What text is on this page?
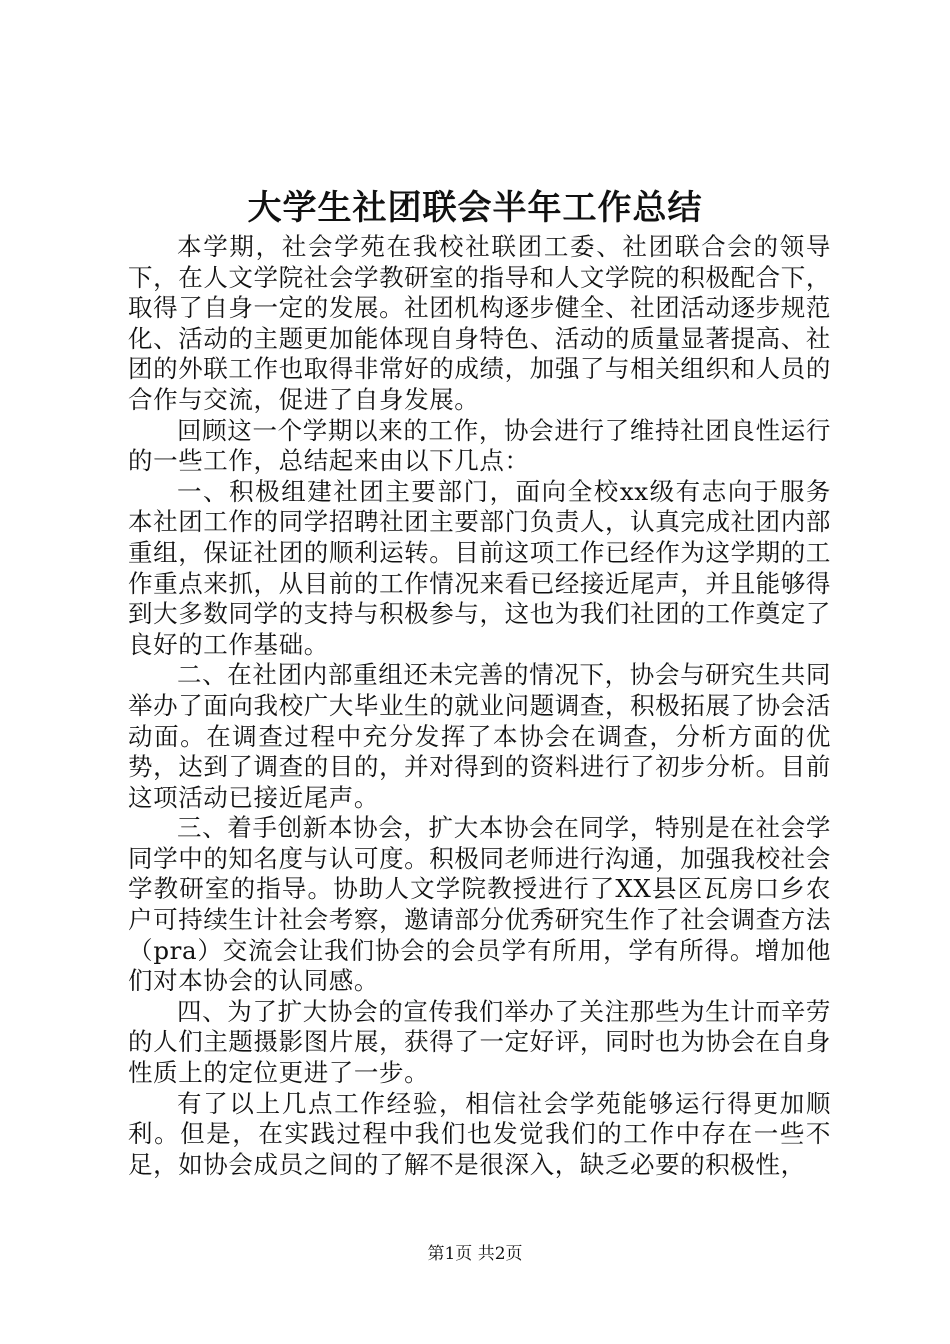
大学生社团联会半年工作总结

本学期，社会学苑在我校社联团工委、社团联合会的领导下，在人文学院社会学教研室的指导和人文学院的积极配合下，取得了自身一定的发展。社团机构逐步健全、社团活动逐步规范化、活动的主题更加能体现自身特色、活动的质量显著提高、社团的外联工作也取得非常好的成绩，加强了与相关组织和人员的合作与交流，促进了自身发展。

回顾这一个学期以来的工作，协会进行了维持社团良性运行的一些工作，总结起来由以下几点：

一、积极组建社团主要部门，面向全校xx级有志向于服务本社团工作的同学招聘社团主要部门负责人，认真完成社团内部重组，保证社团的顺利运转。目前这项工作已经作为这学期的工作重点来抓，从目前的工作情况来看已经接近尾声，并且能够得到大多数同学的支持与积极参与，这也为我们社团的工作奠定了良好的工作基础。

二、在社团内部重组还未完善的情况下，协会与研究生共同举办了面向我校广大毕业生的就业问题调查，积极拓展了协会活动面。在调查过程中充分发挥了本协会在调查，分析方面的优势，达到了调查的目的，并对得到的资料进行了初步分析。目前这项活动已接近尾声。

三、着手创新本协会，扩大本协会在同学，特别是在社会学同学中的知名度与认可度。积极同老师进行沟通，加强我校社会学教研室的指导。协助人文学院教授进行了XX县区瓦房口乡农户可持续生计社会考察，邀请部分优秀研究生作了社会调查方法（pra）交流会让我们协会的会员学有所用，学有所得。增加他们对本协会的认同感。

四、为了扩大协会的宣传我们举办了关注那些为生计而辛劳的人们主题摄影图片展，获得了一定好评，同时也为协会在自身性质上的定位更进了一步。

有了以上几点工作经验，相信社会学苑能够运行得更加顺利。但是，在实践过程中我们也发觉我们的工作中存在一些不足，如协会成员之间的了解不是很深入，缺乏必要的积极性，

第1页 共2页
